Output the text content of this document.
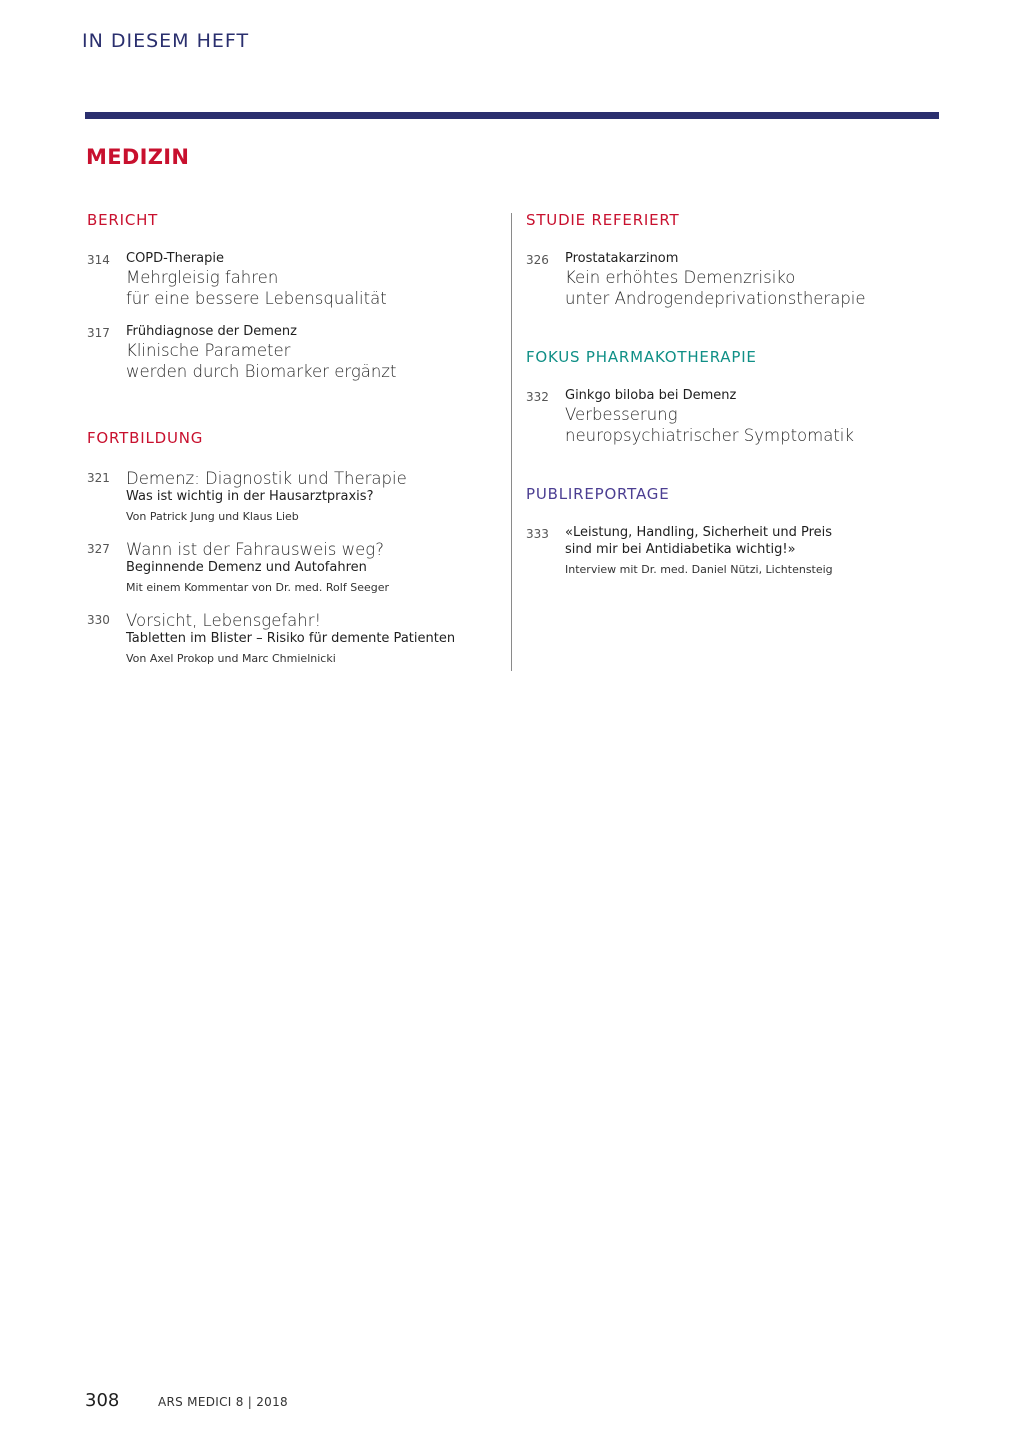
IN DIESEM HEFT
MEDIZIN
BERICHT
314	COPD-Therapie
Mehrgleisig fahren
für eine bessere Lebensqualität
317	Frühdiagnose der Demenz
Klinische Parameter
werden durch Biomarker ergänzt
FORTBILDUNG
321 Demenz: Diagnostik und Therapie
Was ist wichtig in der Hausarztpraxis?
Von Patrick Jung und Klaus Lieb
327 Wann ist der Fahrausweis weg?
Beginnende Demenz und Autofahren
Mit einem Kommentar von Dr. med. Rolf Seeger
330 Vorsicht, Lebensgefahr!
Tabletten im Blister – Risiko für demente Patienten
Von Axel Prokop und Marc Chmielnicki
STUDIE REFERIERT
326	Prostatakarzinom
Kein erhöhtes Demenzrisiko
unter Androgendeprivationstherapie
FOKUS PHARMAKOTHERAPIE
332	Ginkgo biloba bei Demenz
Verbesserung
neuropsychiatrischer Symptomatik
PUBLIREPORTAGE
333	«Leistung, Handling, Sicherheit und Preis
sind mir bei Antidiabetika wichtig!»
Interview mit Dr. med. Daniel Nützi, Lichtensteig
308	ARS MEDICI 8 | 2018
